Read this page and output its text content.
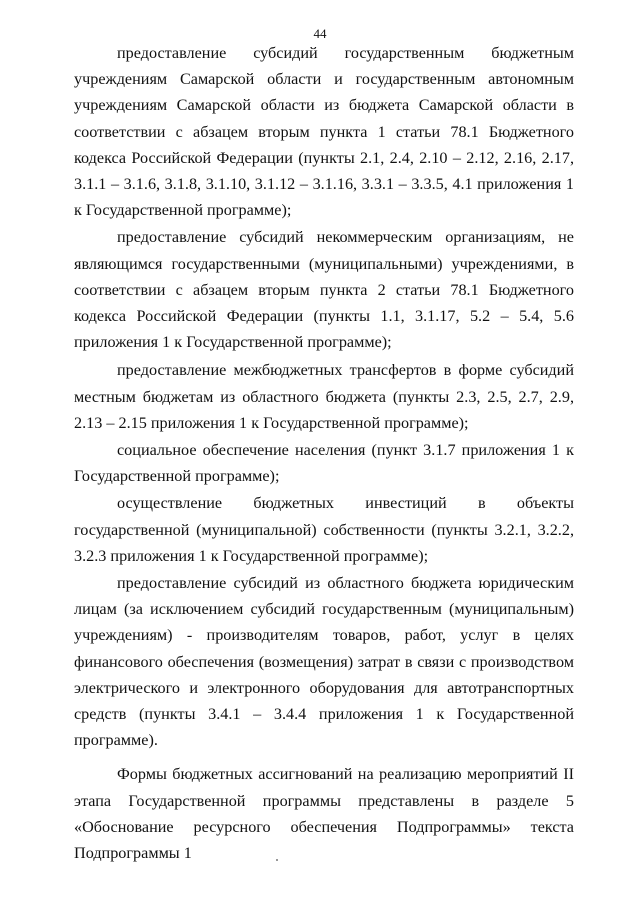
44

предоставление субсидий государственным бюджетным учреждениям Самарской области и государственным автономным учреждениям Самарской области из бюджета Самарской области в соответствии с абзацем вторым пункта 1 статьи 78.1 Бюджетного кодекса Российской Федерации (пункты 2.1, 2.4, 2.10 – 2.12, 2.16, 2.17, 3.1.1 – 3.1.6, 3.1.8, 3.1.10, 3.1.12 – 3.1.16, 3.3.1 – 3.3.5, 4.1 приложения 1 к Государственной программе);

предоставление субсидий некоммерческим организациям, не являющимся государственными (муниципальными) учреждениями, в соответствии с абзацем вторым пункта 2 статьи 78.1 Бюджетного кодекса Российской Федерации (пункты 1.1, 3.1.17, 5.2 – 5.4, 5.6 приложения 1 к Государственной программе);

предоставление межбюджетных трансфертов в форме субсидий местным бюджетам из областного бюджета (пункты 2.3, 2.5, 2.7, 2.9, 2.13 – 2.15 приложения 1 к Государственной программе);

социальное обеспечение населения (пункт 3.1.7 приложения 1 к Государственной программе);

осуществление бюджетных инвестиций в объекты государственной (муниципальной) собственности (пункты 3.2.1, 3.2.2, 3.2.3 приложения 1 к Государственной программе);

предоставление субсидий из областного бюджета юридическим лицам (за исключением субсидий государственным (муниципальным) учреждениям) - производителям товаров, работ, услуг в целях финансового обеспечения (возмещения) затрат в связи с производством электрического и электронного оборудования для автотранспортных средств (пункты 3.4.1 – 3.4.4 приложения 1 к Государственной программе).

Формы бюджетных ассигнований на реализацию мероприятий II этапа Государственной программы представлены в разделе 5 «Обоснование ресурсного обеспечения Подпрограммы» текста Подпрограммы 1
